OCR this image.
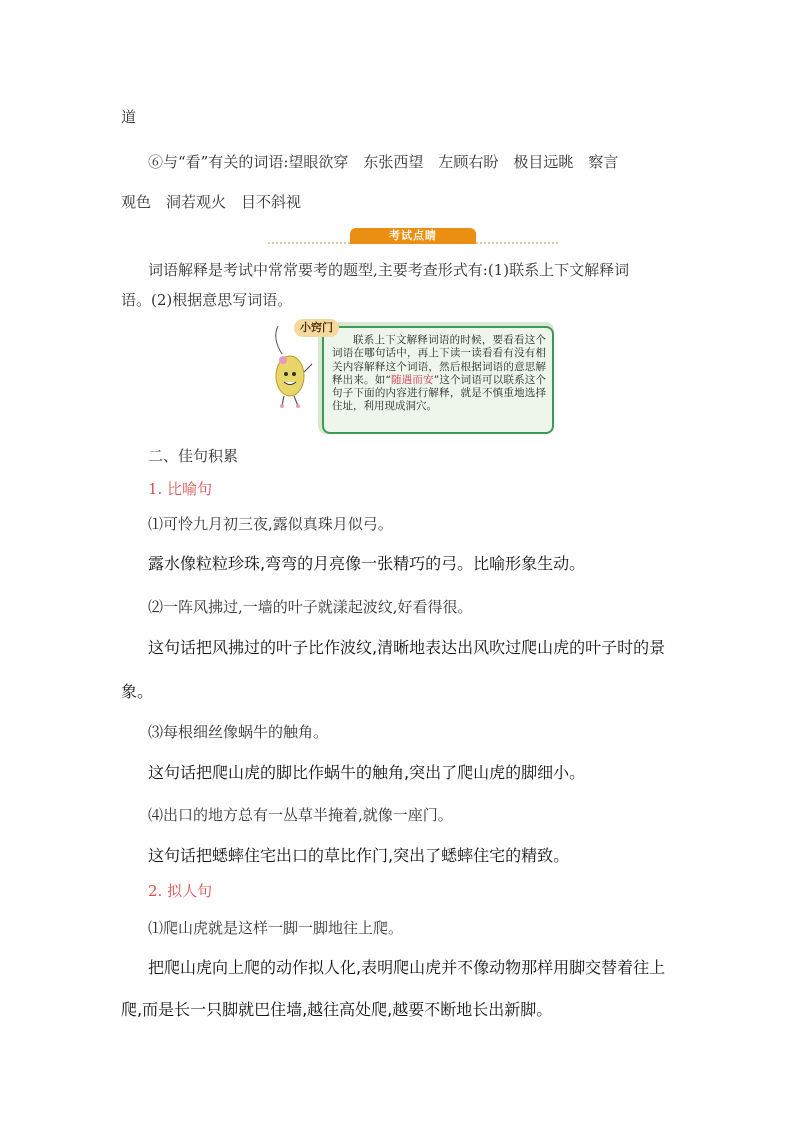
道
⑥与“看”有关的词语:望眼欲穿　东张西望　左顾右盼　极目远眺　察言
观色　洞若观火　目不斜视
考试点睛
词语解释是考试中常常要考的题型,主要考查形式有:(1)联系上下文解释词
语。(2)根据意思写词语。
联系上下文解释词语的时候，要看看这个词语在哪句话中，再上下读一读看看有没有相关内容解释这个词语，然后根据词语的意思解释出来。如“随遇而安”这个词语可以联系这个句子下面的内容进行解释，就是不慎重地选择住址，利用现成洞穴。
小窍门
二、佳句积累
1. 比喻句
⑴可怜九月初三夜,露似真珠月似弓。
露水像粒粒珍珠,弯弯的月亮像一张精巧的弓。比喻形象生动。
⑵一阵风拂过,一墙的叶子就漾起波纹,好看得很。
这句话把风拂过的叶子比作波纹,清晰地表达出风吹过爬山虎的叶子时的景
象。
⑶每根细丝像蜗牛的触角。
这句话把爬山虎的脚比作蜗牛的触角,突出了爬山虎的脚细小。
⑷出口的地方总有一丛草半掩着,就像一座门。
这句话把蟋蟀住宅出口的草比作门,突出了蟋蟀住宅的精致。
2. 拟人句
⑴爬山虎就是这样一脚一脚地往上爬。
把爬山虎向上爬的动作拟人化,表明爬山虎并不像动物那样用脚交替着往上
爬,而是长一只脚就巴住墙,越往高处爬,越要不断地长出新脚。
